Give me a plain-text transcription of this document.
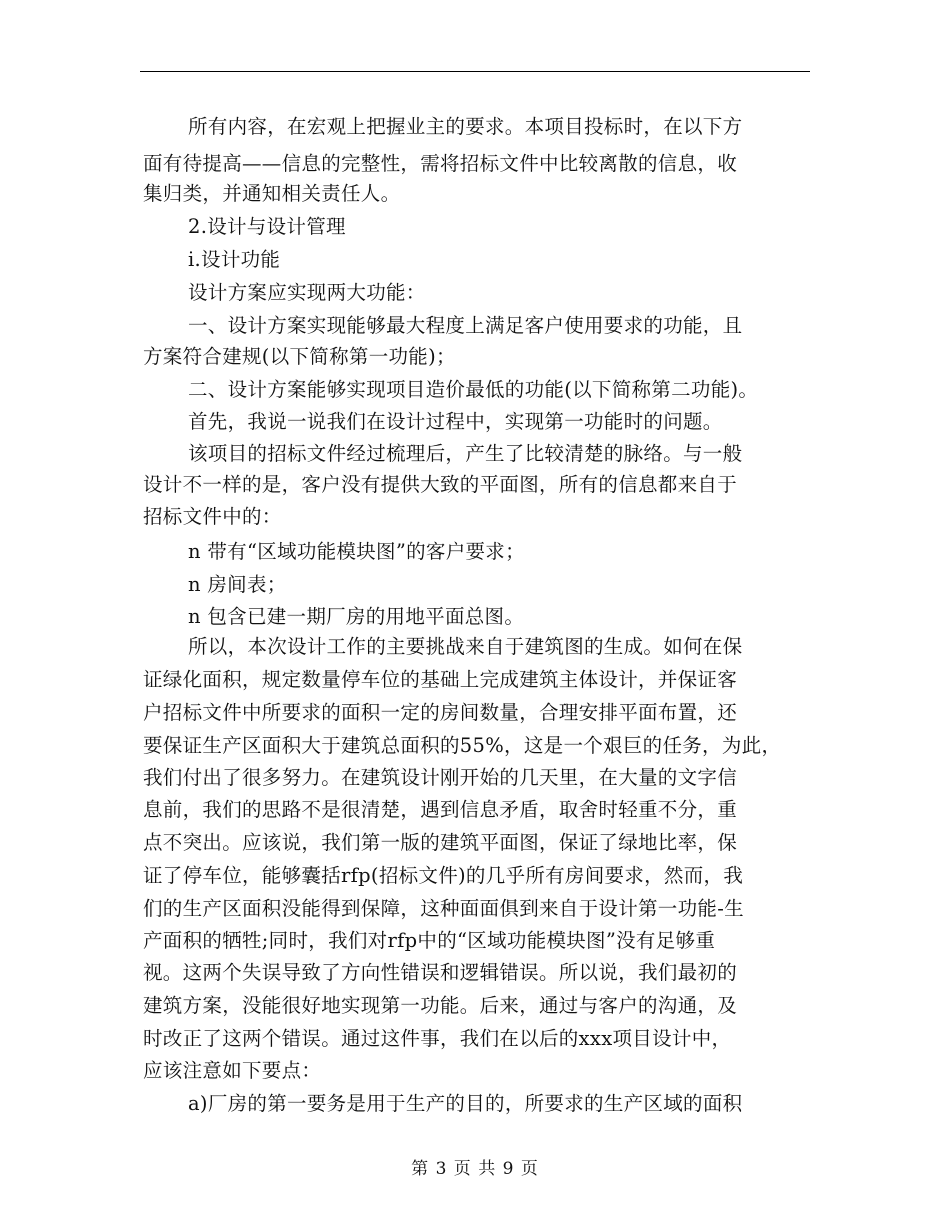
所有内容，在宏观上把握业主的要求。本项目投标时，在以下方
面有待提高——信息的完整性，需将招标文件中比较离散的信息，收
集归类，并通知相关责任人。
2.设计与设计管理
i.设计功能
设计方案应实现两大功能：
一、设计方案实现能够最大程度上满足客户使用要求的功能，且
方案符合建规(以下简称第一功能)；
二、设计方案能够实现项目造价最低的功能(以下简称第二功能)。
首先，我说一说我们在设计过程中，实现第一功能时的问题。
该项目的招标文件经过梳理后，产生了比较清楚的脉络。与一般
设计不一样的是，客户没有提供大致的平面图，所有的信息都来自于
招标文件中的：
n 带有“区域功能模块图”的客户要求；
n 房间表；
n 包含已建一期厂房的用地平面总图。
所以，本次设计工作的主要挑战来自于建筑图的生成。如何在保
证绿化面积，规定数量停车位的基础上完成建筑主体设计，并保证客
户招标文件中所要求的面积一定的房间数量，合理安排平面布置，还
要保证生产区面积大于建筑总面积的55%，这是一个艰巨的任务，为此，
我们付出了很多努力。在建筑设计刚开始的几天里，在大量的文字信
息前，我们的思路不是很清楚，遇到信息矛盾，取舍时轻重不分，重
点不突出。应该说，我们第一版的建筑平面图，保证了绿地比率，保
证了停车位，能够囊括rfp(招标文件)的几乎所有房间要求，然而，我
们的生产区面积没能得到保障，这种面面俱到来自于设计第一功能-生
产面积的牺牲;同时，我们对rfp中的“区域功能模块图”没有足够重
视。这两个失误导致了方向性错误和逻辑错误。所以说，我们最初的
建筑方案，没能很好地实现第一功能。后来，通过与客户的沟通，及
时改正了这两个错误。通过这件事，我们在以后的xxx项目设计中，
应该注意如下要点：
a)厂房的第一要务是用于生产的目的，所要求的生产区域的面积
第 3 页 共 9 页
